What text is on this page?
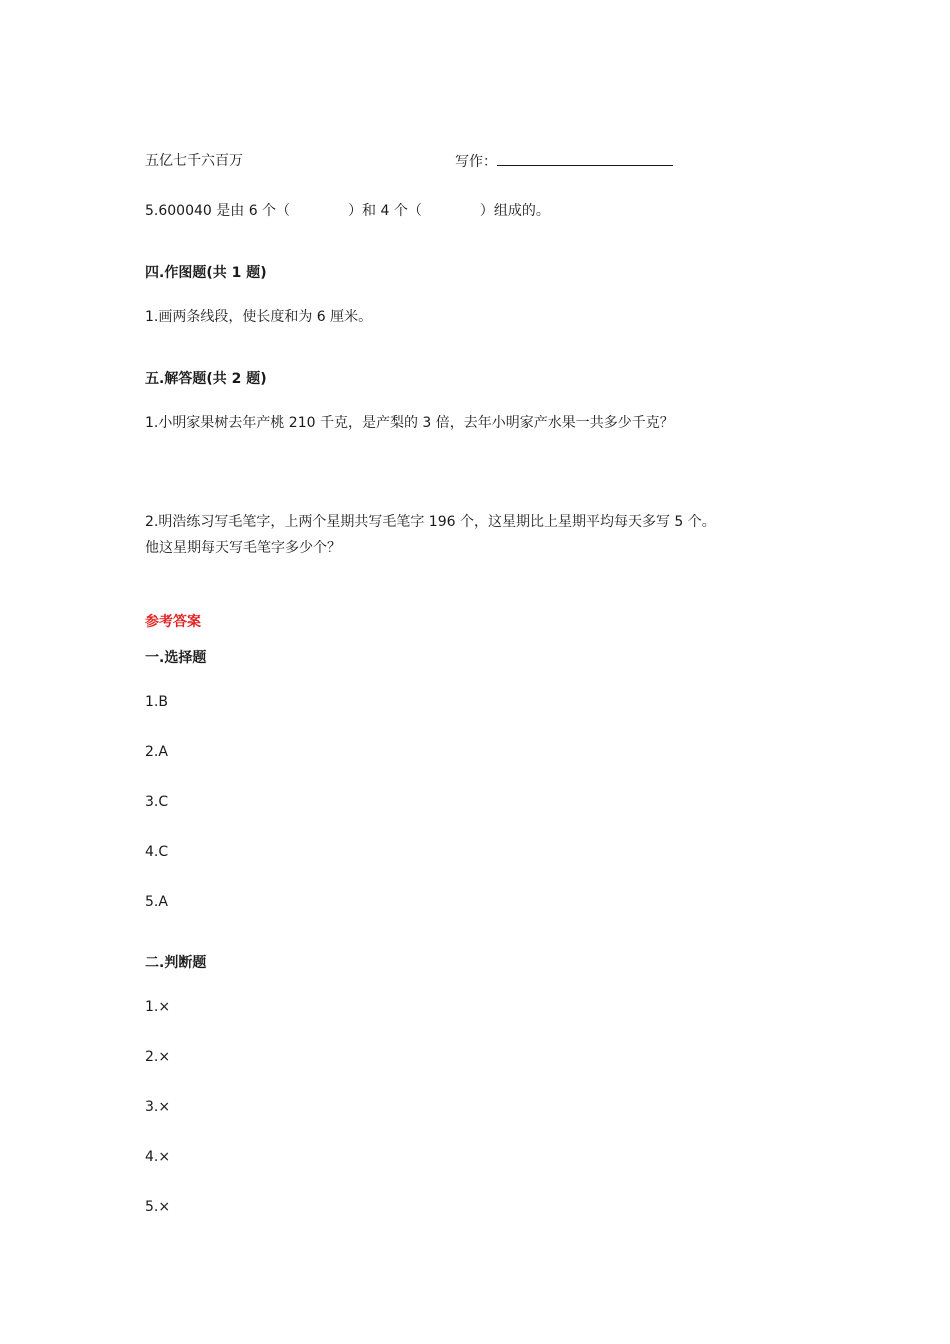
五亿七千六百万	写作：
5.600040 是由 6 个（	）和 4 个（	）组成的。
四.作图题(共 1 题)
1.画两条线段，使长度和为 6 厘米。
五.解答题(共 2 题)
1.小明家果树去年产桃 210 千克，是产梨的 3 倍，去年小明家产水果一共多少千克？
2.明浩练习写毛笔字，上两个星期共写毛笔字 196 个，这星期比上星期平均每天多写 5 个。
他这星期每天写毛笔字多少个？
参考答案
一.选择题
1.B
2.A
3.C
4.C
5.A
二.判断题
1.×
2.×
3.×
4.×
5.×
